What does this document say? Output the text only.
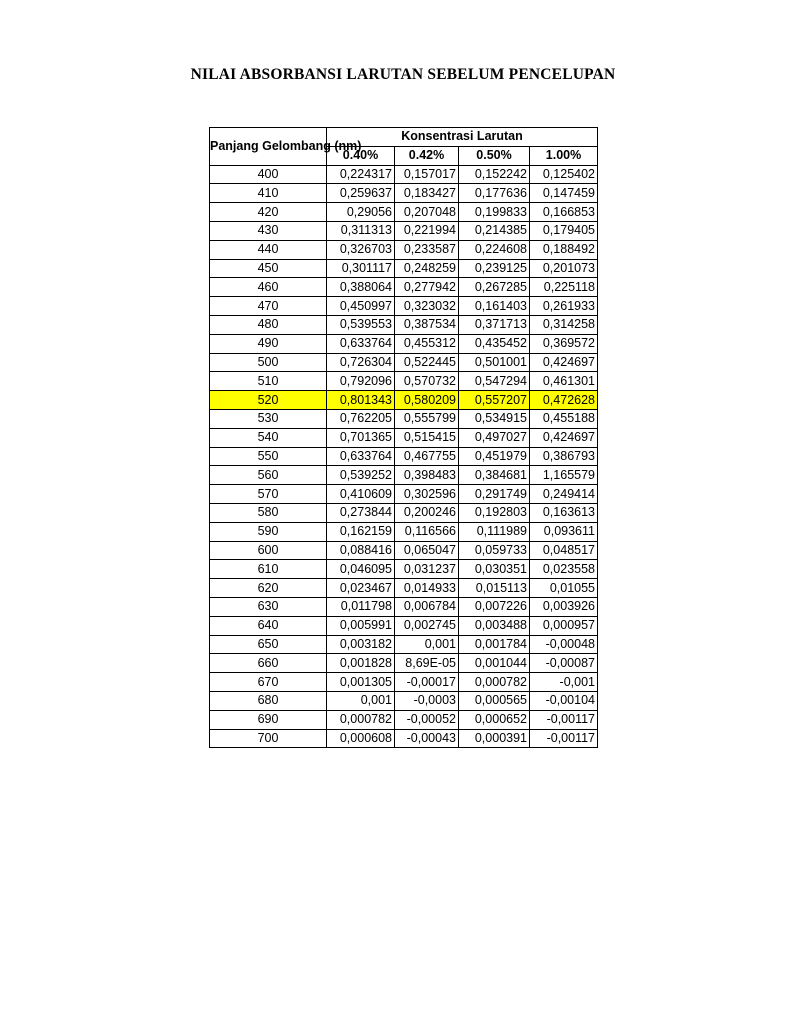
NILAI ABSORBANSI LARUTAN SEBELUM PENCELUPAN
Panjang Gelombang (nm)	Konsentrasi Larutan			
	0.40%	0.42%	0.50%	1.00%
400	0,224317	0,157017	0,152242	0,125402
410	0,259637	0,183427	0,177636	0,147459
420	0,29056	0,207048	0,199833	0,166853
430	0,311313	0,221994	0,214385	0,179405
440	0,326703	0,233587	0,224608	0,188492
450	0,301117	0,248259	0,239125	0,201073
460	0,388064	0,277942	0,267285	0,225118
470	0,450997	0,323032	0,161403	0,261933
480	0,539553	0,387534	0,371713	0,314258
490	0,633764	0,455312	0,435452	0,369572
500	0,726304	0,522445	0,501001	0,424697
510	0,792096	0,570732	0,547294	0,461301
520	0,801343	0,580209	0,557207	0,472628
530	0,762205	0,555799	0,534915	0,455188
540	0,701365	0,515415	0,497027	0,424697
550	0,633764	0,467755	0,451979	0,386793
560	0,539252	0,398483	0,384681	1,165579
570	0,410609	0,302596	0,291749	0,249414
580	0,273844	0,200246	0,192803	0,163613
590	0,162159	0,116566	0,111989	0,093611
600	0,088416	0,065047	0,059733	0,048517
610	0,046095	0,031237	0,030351	0,023558
620	0,023467	0,014933	0,015113	0,01055
630	0,011798	0,006784	0,007226	0,003926
640	0,005991	0,002745	0,003488	0,000957
650	0,003182	0,001	0,001784	-0,00048
660	0,001828	8,69E-05	0,001044	-0,00087
670	0,001305	-0,00017	0,000782	-0,001
680	0,001	-0,0003	0,000565	-0,00104
690	0,000782	-0,00052	0,000652	-0,00117
700	0,000608	-0,00043	0,000391	-0,00117
